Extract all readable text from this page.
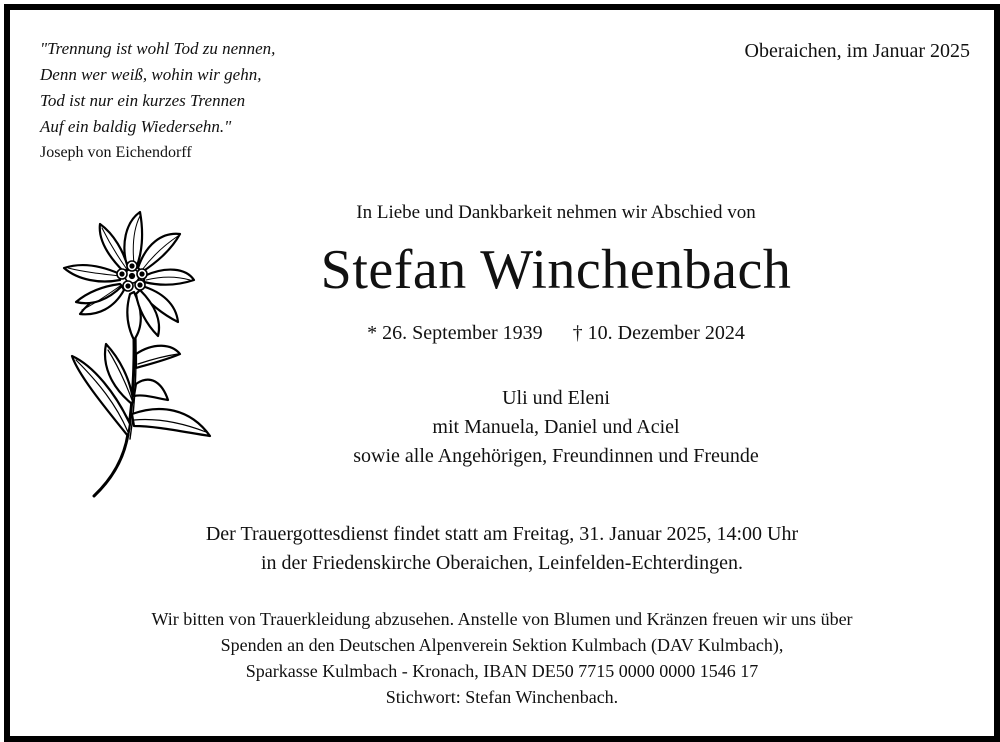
"Trennung ist wohl Tod zu nennen,
Denn wer weiß, wohin wir gehn,
Tod ist nur ein kurzes Trennen
Auf ein baldig Wiedersehn."
Joseph von Eichendorff
Oberaichen, im Januar 2025
In Liebe und Dankbarkeit nehmen wir Abschied von
Stefan Winchenbach
* 26. September 1939 † 10. Dezember 2024
Uli und Eleni
mit Manuela, Daniel und Aciel
sowie alle Angehörigen, Freundinnen und Freunde
Der Trauergottesdienst findet statt am Freitag, 31. Januar 2025, 14:00 Uhr
in der Friedenskirche Oberaichen, Leinfelden-Echterdingen.
Wir bitten von Trauerkleidung abzusehen. Anstelle von Blumen und Kränzen freuen wir uns über
Spenden an den Deutschen Alpenverein Sektion Kulmbach (DAV Kulmbach),
Sparkasse Kulmbach - Kronach, IBAN DE50 7715 0000 0000 1546 17
Stichwort: Stefan Winchenbach.
